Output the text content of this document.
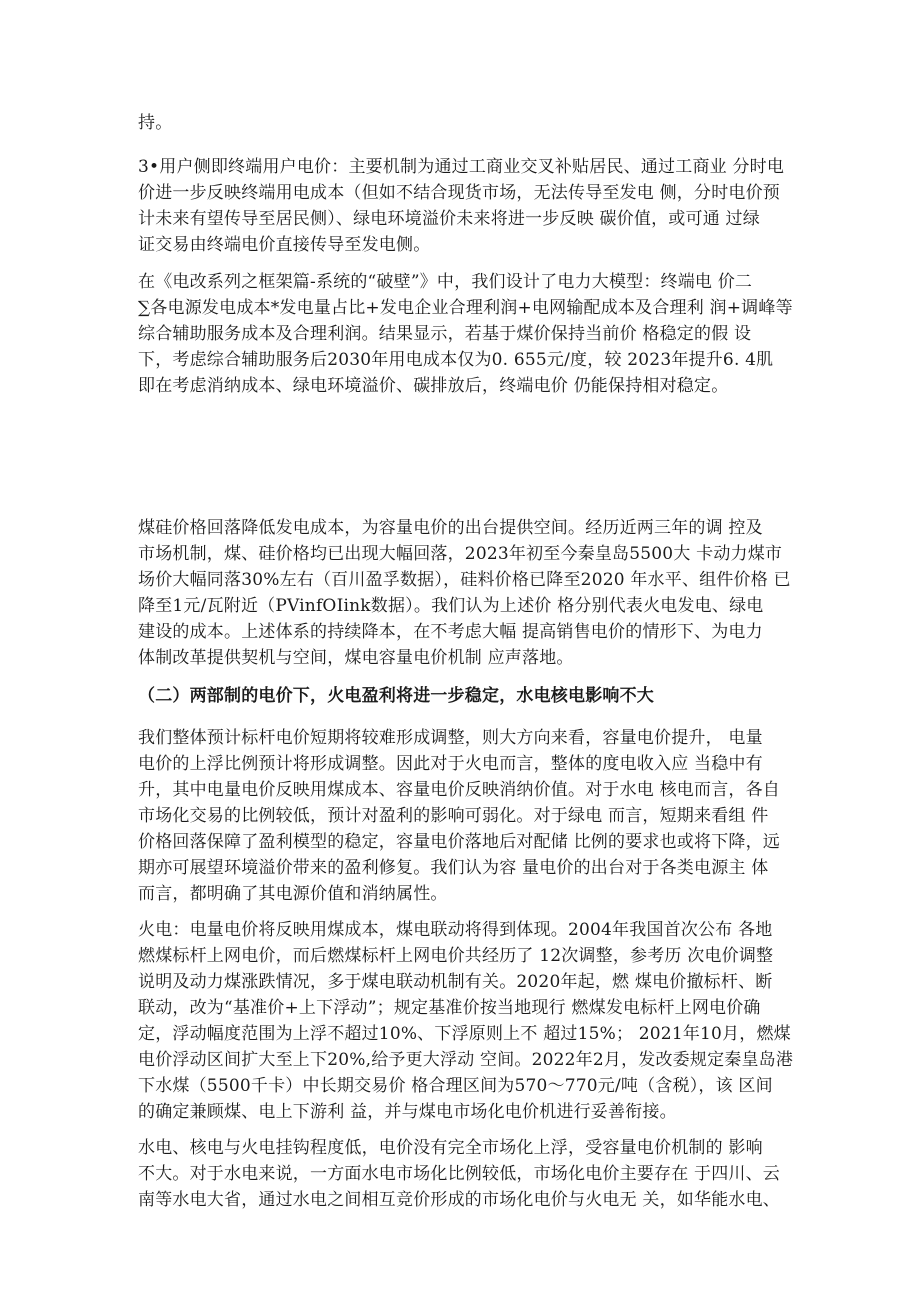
持。

3•用户侧即终端用户电价：主要机制为通过工商业交叉补贴居民、通过工商业 分时电

价进一步反映终端用电成本（但如不结合现货市场，无法传导至发电 侧，分时电价预

计未来有望传导至居民侧）、绿电环境溢价未来将进一步反映 碳价值，或可通 过绿

证交易由终端电价直接传导至发电侧。

在《电改系列之框架篇-系统的“破壁”》中，我们设计了电力大模型：终端电 价二

∑各电源发电成本*发电量占比+发电企业合理利润+电网输配成本及合理利 润+调峰等

综合辅助服务成本及合理利润。结果显示，若基于煤价保持当前价 格稳定的假 设

下，考虑综合辅助服务后2030年用电成本仅为0. 655元/度，较 2023年提升6. 4肌

即在考虑消纳成本、绿电环境溢价、碳排放后，终端电价 仍能保持相对稳定。

煤硅价格回落降低发电成本，为容量电价的出台提供空间。经历近两三年的调 控及

市场机制，煤、硅价格均已出现大幅回落，2023年初至今秦皇岛5500大 卡动力煤市

场价大幅同落30%左右（百川盈孚数据），硅料价格已降至2020 年水平、组件价格 已

降至1元/瓦附近（PVinfOIink数据）。我们认为上述价 格分别代表火电发电、绿电

建设的成本。上述体系的持续降本，在不考虑大幅 提高销售电价的情形下、为电力

体制改革提供契机与空间，煤电容量电价机制 应声落地。

（二）两部制的电价下，火电盈利将进一步稳定，水电核电影响不大

我们整体预计标杆电价短期将较难形成调整，则大方向来看，容量电价提升， 电量

电价的上浮比例预计将形成调整。因此对于火电而言，整体的度电收入应 当稳中有

升，其中电量电价反映用煤成本、容量电价反映消纳价值。对于水电 核电而言，各自

市场化交易的比例较低，预计对盈利的影响可弱化。对于绿电 而言，短期来看组 件

价格回落保障了盈利模型的稳定，容量电价落地后对配储 比例的要求也或将下降，远

期亦可展望环境溢价带来的盈利修复。我们认为容 量电价的出台对于各类电源主 体

而言，都明确了其电源价值和消纳属性。

火电：电量电价将反映用煤成本，煤电联动将得到体现。2004年我国首次公布 各地

燃煤标杆上网电价，而后燃煤标杆上网电价共经历了 12次调整，参考历 次电价调整

说明及动力煤涨跌情况，多于煤电联动机制有关。2020年起，燃 煤电价撤标杆、断

联动，改为“基准价+上下浮动”；规定基准价按当地现行 燃煤发电标杆上网电价确

定，浮动幅度范围为上浮不超过10%、下浮原则上不 超过15%； 2021年10月，燃煤

电价浮动区间扩大至上下20%,给予更大浮动 空间。2022年2月，发改委规定秦皇岛港

下水煤（5500千卡）中长期交易价 格合理区间为570〜770元/吨（含税），该 区间

的确定兼顾煤、电上下游利 益，并与煤电市场化电价机进行妥善衔接。

水电、核电与火电挂钩程度低，电价没有完全市场化上浮，受容量电价机制的 影响

不大。对于水电来说，一方面水电市场化比例较低，市场化电价主要存在 于四川、云

南等水电大省，通过水电之间相互竞价形成的市场化电价与火电无 关，如华能水电、
